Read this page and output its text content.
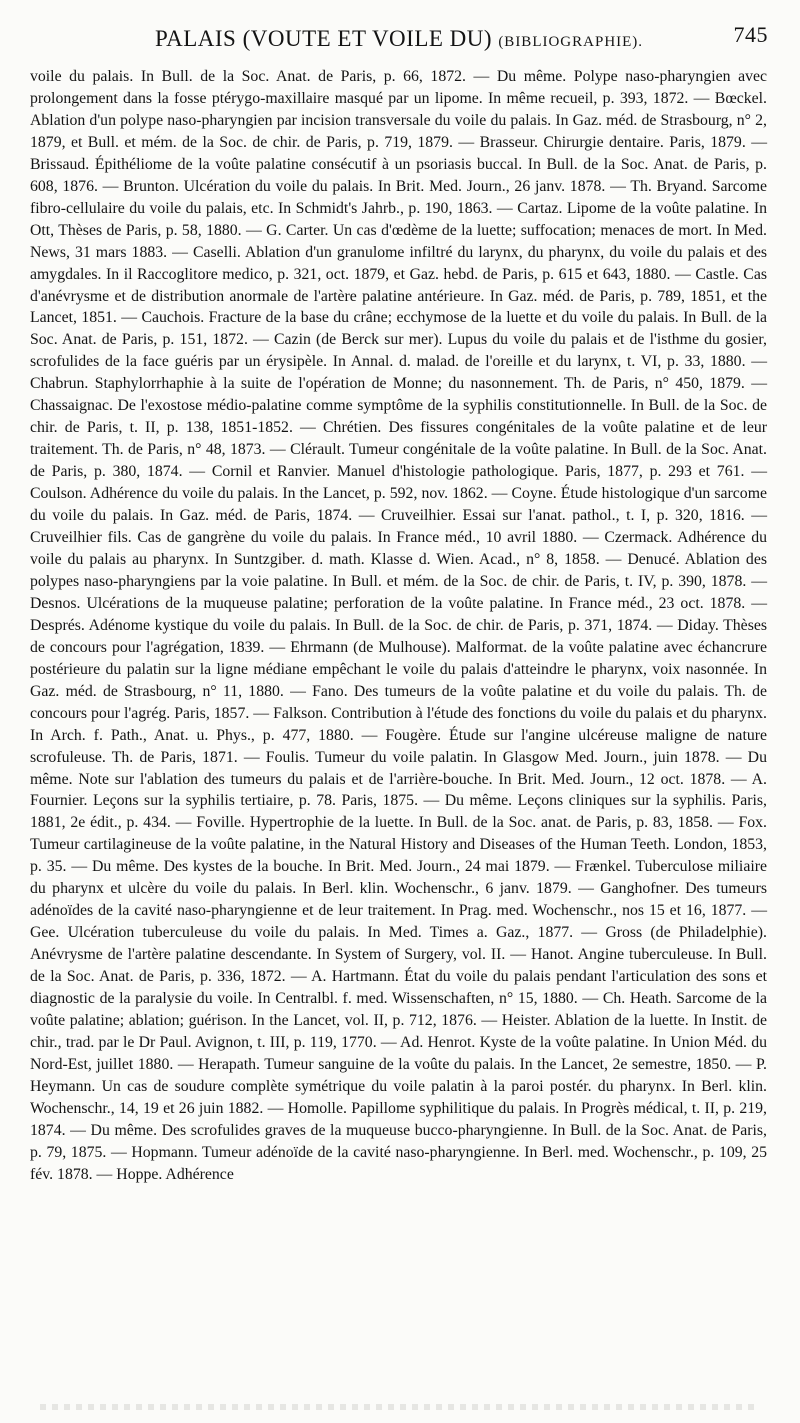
PALAIS (VOUTE ET VOILE DU) (BIBLIOGRAPHIE).	745
voile du palais. In Bull. de la Soc. Anat. de Paris, p. 66, 1872. — Du même. Polype naso-pharyngien avec prolongement dans la fosse ptérygo-maxillaire masqué par un lipome. In même recueil, p. 393, 1872. — Bœckel. Ablation d'un polype naso-pharyngien par incision transversale du voile du palais. In Gaz. méd. de Strasbourg, n° 2, 1879, et Bull. et mém. de la Soc. de chir. de Paris, p. 719, 1879. — Brasseur. Chirurgie dentaire. Paris, 1879. — Brissaud. Épithéliome de la voûte palatine consécutif à un psoriasis buccal. In Bull. de la Soc. Anat. de Paris, p. 608, 1876. — Brunton. Ulcération du voile du palais. In Brit. Med. Journ., 26 janv. 1878. — Th. Bryand. Sarcome fibro-cellulaire du voile du palais, etc. In Schmidt's Jahrb., p. 190, 1863. — Cartaz. Lipome de la voûte palatine. In Ott, Thèses de Paris, p. 58, 1880. — G. Carter. Un cas d'œdème de la luette; suffocation; menaces de mort. In Med. News, 31 mars 1883. — Caselli. Ablation d'un granulome infiltré du larynx, du pharynx, du voile du palais et des amygdales. In il Raccoglitore medico, p. 321, oct. 1879, et Gaz. hebd. de Paris, p. 615 et 643, 1880. — Castle. Cas d'anévrysme et de distribution anormale de l'artère palatine antérieure. In Gaz. méd. de Paris, p. 789, 1851, et the Lancet, 1851. — Cauchois. Fracture de la base du crâne; ecchymose de la luette et du voile du palais. In Bull. de la Soc. Anat. de Paris, p. 151, 1872. — Cazin (de Berck sur mer). Lupus du voile du palais et de l'isthme du gosier, scrofulides de la face guéris par un érysipèle. In Annal. d. malad. de l'oreille et du larynx, t. VI, p. 33, 1880. — Chabrun. Staphylorrhaphie à la suite de l'opération de Monne; du nasonnement. Th. de Paris, n° 450, 1879. — Chassaignac. De l'exostose médio-palatine comme symptôme de la syphilis constitutionnelle. In Bull. de la Soc. de chir. de Paris, t. II, p. 138, 1851-1852. — Chrétien. Des fissures congénitales de la voûte palatine et de leur traitement. Th. de Paris, n° 48, 1873. — Clérault. Tumeur congénitale de la voûte palatine. In Bull. de la Soc. Anat. de Paris, p. 380, 1874. — Cornil et Ranvier. Manuel d'histologie pathologique. Paris, 1877, p. 293 et 761. — Coulson. Adhérence du voile du palais. In the Lancet, p. 592, nov. 1862. — Coyne. Étude histologique d'un sarcome du voile du palais. In Gaz. méd. de Paris, 1874. — Cruveilhier. Essai sur l'anat. pathol., t. I, p. 320, 1816. — Cruveilhier fils. Cas de gangrène du voile du palais. In France méd., 10 avril 1880. — Czermack. Adhérence du voile du palais au pharynx. In Suntzgiber. d. math. Klasse d. Wien. Acad., n° 8, 1858. — Denucé. Ablation des polypes naso-pharyngiens par la voie palatine. In Bull. et mém. de la Soc. de chir. de Paris, t. IV, p. 390, 1878. — Desnos. Ulcérations de la muqueuse palatine; perforation de la voûte palatine. In France méd., 23 oct. 1878. — Després. Adénome kystique du voile du palais. In Bull. de la Soc. de chir. de Paris, p. 371, 1874. — Diday. Thèses de concours pour l'agrégation, 1839. — Ehrmann (de Mulhouse). Malformat. de la voûte palatine avec échancrure postérieure du palatin sur la ligne médiane empêchant le voile du palais d'atteindre le pharynx, voix nasonnée. In Gaz. méd. de Strasbourg, n° 11, 1880. — Fano. Des tumeurs de la voûte palatine et du voile du palais. Th. de concours pour l'agrég. Paris, 1857. — Falkson. Contribution à l'étude des fonctions du voile du palais et du pharynx. In Arch. f. Path., Anat. u. Phys., p. 477, 1880. — Fougère. Étude sur l'angine ulcéreuse maligne de nature scrofuleuse. Th. de Paris, 1871. — Foulis. Tumeur du voile palatin. In Glasgow Med. Journ., juin 1878. — Du même. Note sur l'ablation des tumeurs du palais et de l'arrière-bouche. In Brit. Med. Journ., 12 oct. 1878. — A. Fournier. Leçons sur la syphilis tertiaire, p. 78. Paris, 1875. — Du même. Leçons cliniques sur la syphilis. Paris, 1881, 2e édit., p. 434. — Foville. Hypertrophie de la luette. In Bull. de la Soc. anat. de Paris, p. 83, 1858. — Fox. Tumeur cartilagineuse de la voûte palatine, in the Natural History and Diseases of the Human Teeth. London, 1853, p. 35. — Du même. Des kystes de la bouche. In Brit. Med. Journ., 24 mai 1879. — Frænkel. Tuberculose miliaire du pharynx et ulcère du voile du palais. In Berl. klin. Wochenschr., 6 janv. 1879. — Ganghofner. Des tumeurs adénoïdes de la cavité naso-pharyngienne et de leur traitement. In Prag. med. Wochenschr., nos 15 et 16, 1877. — Gee. Ulcération tuberculeuse du voile du palais. In Med. Times a. Gaz., 1877. — Gross (de Philadelphie). Anévrysme de l'artère palatine descendante. In System of Surgery, vol. II. — Hanot. Angine tuberculeuse. In Bull. de la Soc. Anat. de Paris, p. 336, 1872. — A. Hartmann. État du voile du palais pendant l'articulation des sons et diagnostic de la paralysie du voile. In Centralbl. f. med. Wissenschaften, n° 15, 1880. — Ch. Heath. Sarcome de la voûte palatine; ablation; guérison. In the Lancet, vol. II, p. 712, 1876. — Heister. Ablation de la luette. In Instit. de chir., trad. par le Dr Paul. Avignon, t. III, p. 119, 1770. — Ad. Henrot. Kyste de la voûte palatine. In Union Méd. du Nord-Est, juillet 1880. — Herapath. Tumeur sanguine de la voûte du palais. In the Lancet, 2e semestre, 1850. — P. Heymann. Un cas de soudure complète symétrique du voile palatin à la paroi postér. du pharynx. In Berl. klin. Wochenschr., 14, 19 et 26 juin 1882. — Homolle. Papillome syphilitique du palais. In Progrès médical, t. II, p. 219, 1874. — Du même. Des scrofulides graves de la muqueuse bucco-pharyngienne. In Bull. de la Soc. Anat. de Paris, p. 79, 1875. — Hopmann. Tumeur adénoïde de la cavité naso-pharyngienne. In Berl. med. Wochenschr., p. 109, 25 fév. 1878. — Hoppe. Adhérence
